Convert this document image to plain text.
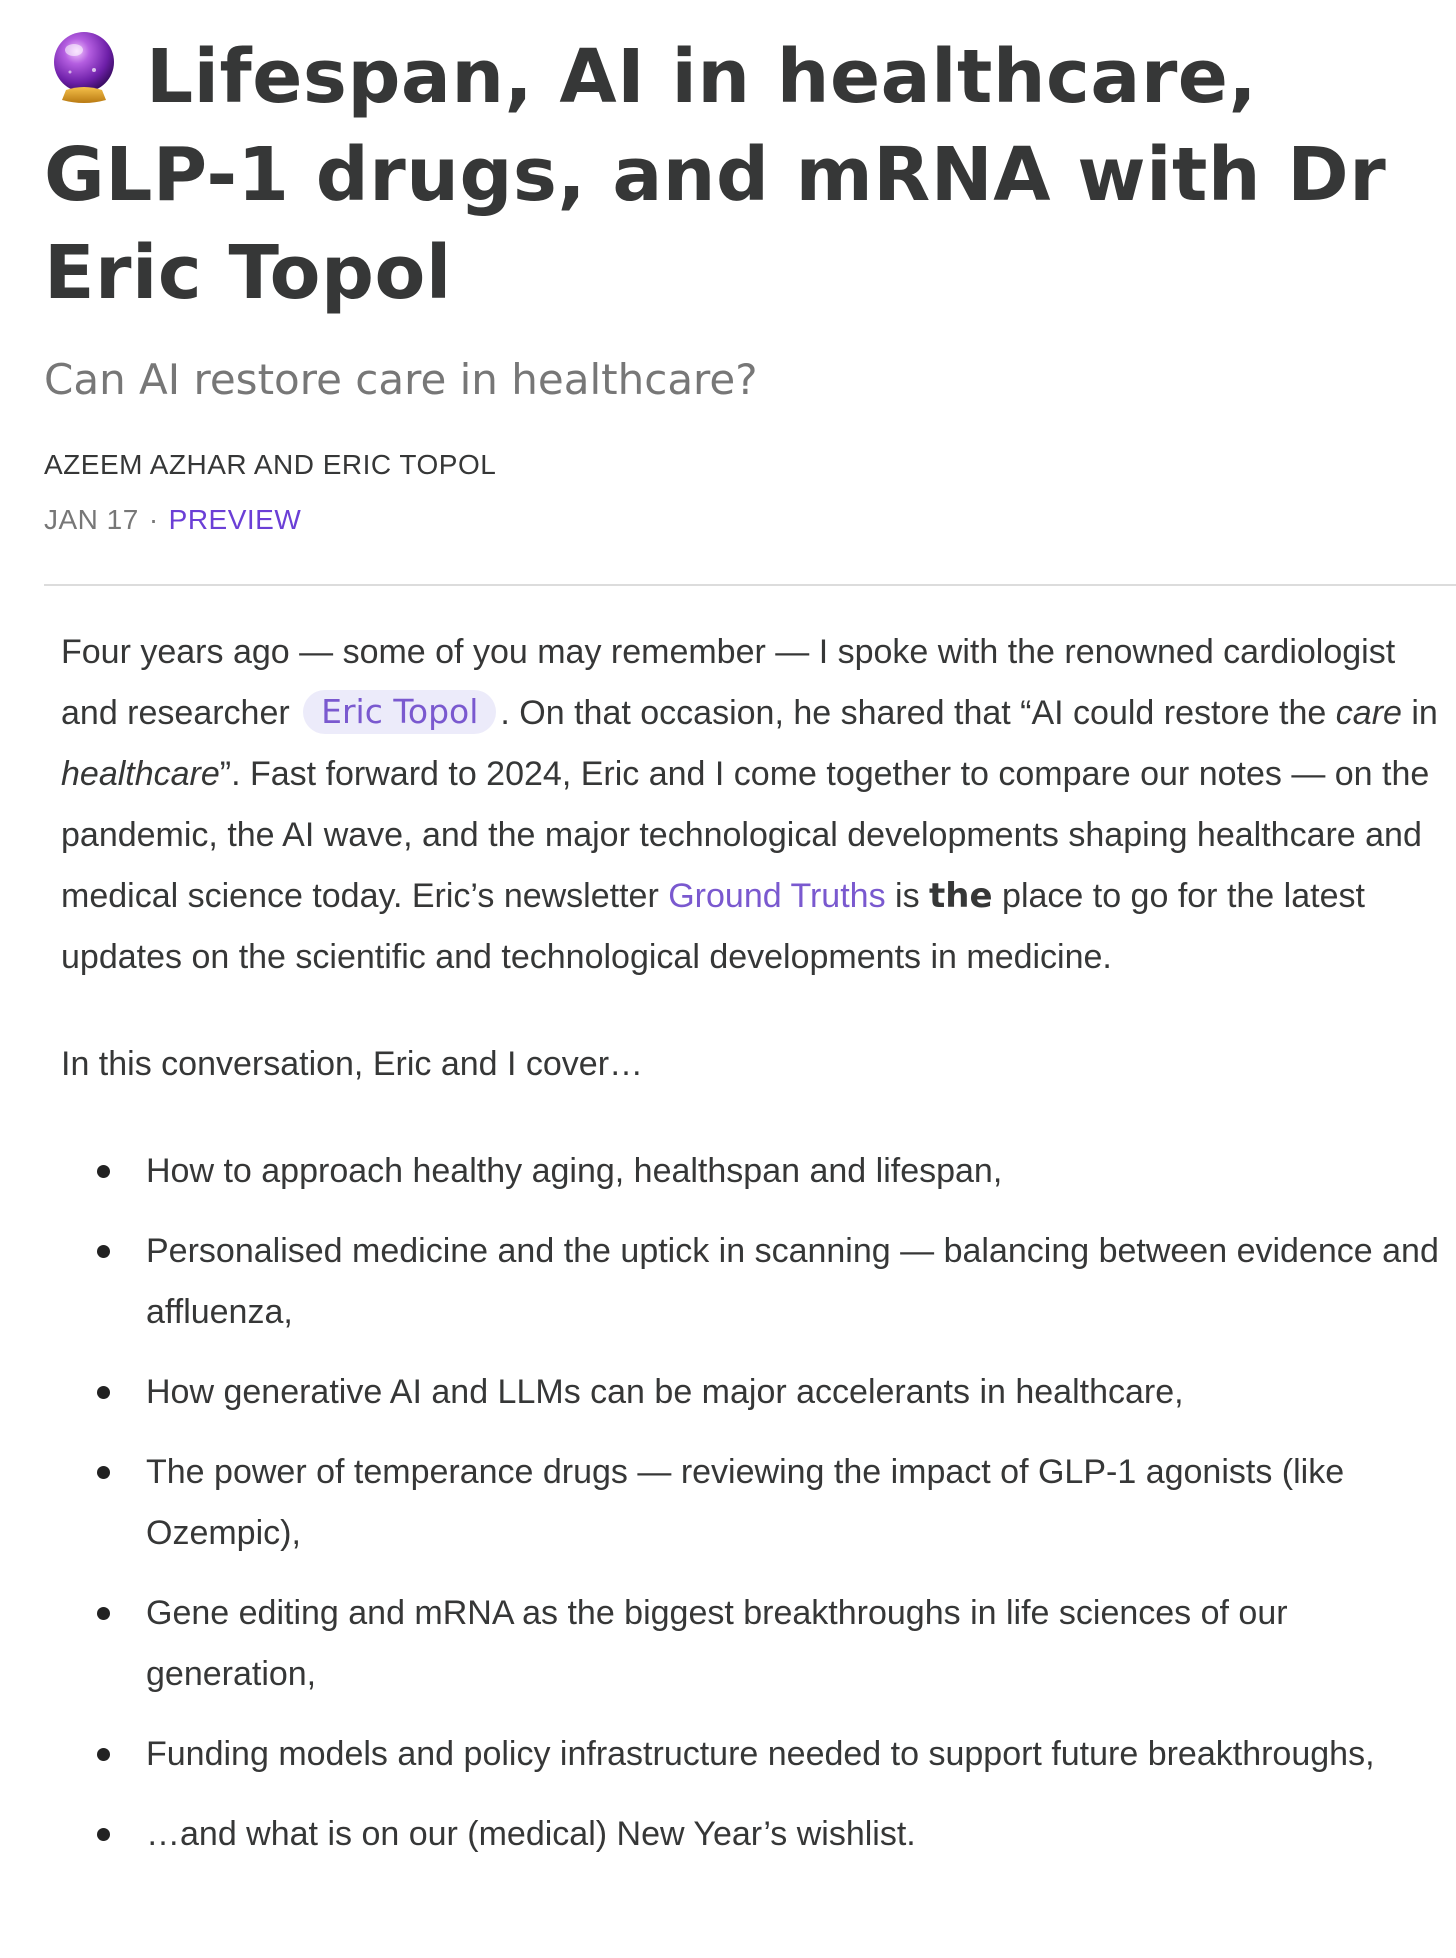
Lifespan, AI in healthcare, GLP-1 drugs, and mRNA with Dr Eric Topol
Can AI restore care in healthcare?
AZEEM AZHAR AND ERIC TOPOL
JAN 17 · PREVIEW

Four years ago — some of you may remember — I spoke with the renowned cardiologist and researcher Eric Topol . On that occasion, he shared that “AI could restore the care in healthcare”. Fast forward to 2024, Eric and I come together to compare our notes — on the pandemic, the AI wave, and the major technological developments shaping healthcare and medical science today. Eric’s newsletter Ground Truths is the place to go for the latest updates on the scientific and technological developments in medicine.

In this conversation, Eric and I cover…

How to approach healthy aging, healthspan and lifespan,
Personalised medicine and the uptick in scanning — balancing between evidence and affluenza,
How generative AI and LLMs can be major accelerants in healthcare,
The power of temperance drugs — reviewing the impact of GLP-1 agonists (like Ozempic),
Gene editing and mRNA as the biggest breakthroughs in life sciences of our generation,
Funding models and policy infrastructure needed to support future breakthroughs,
…and what is on our (medical) New Year’s wishlist.
